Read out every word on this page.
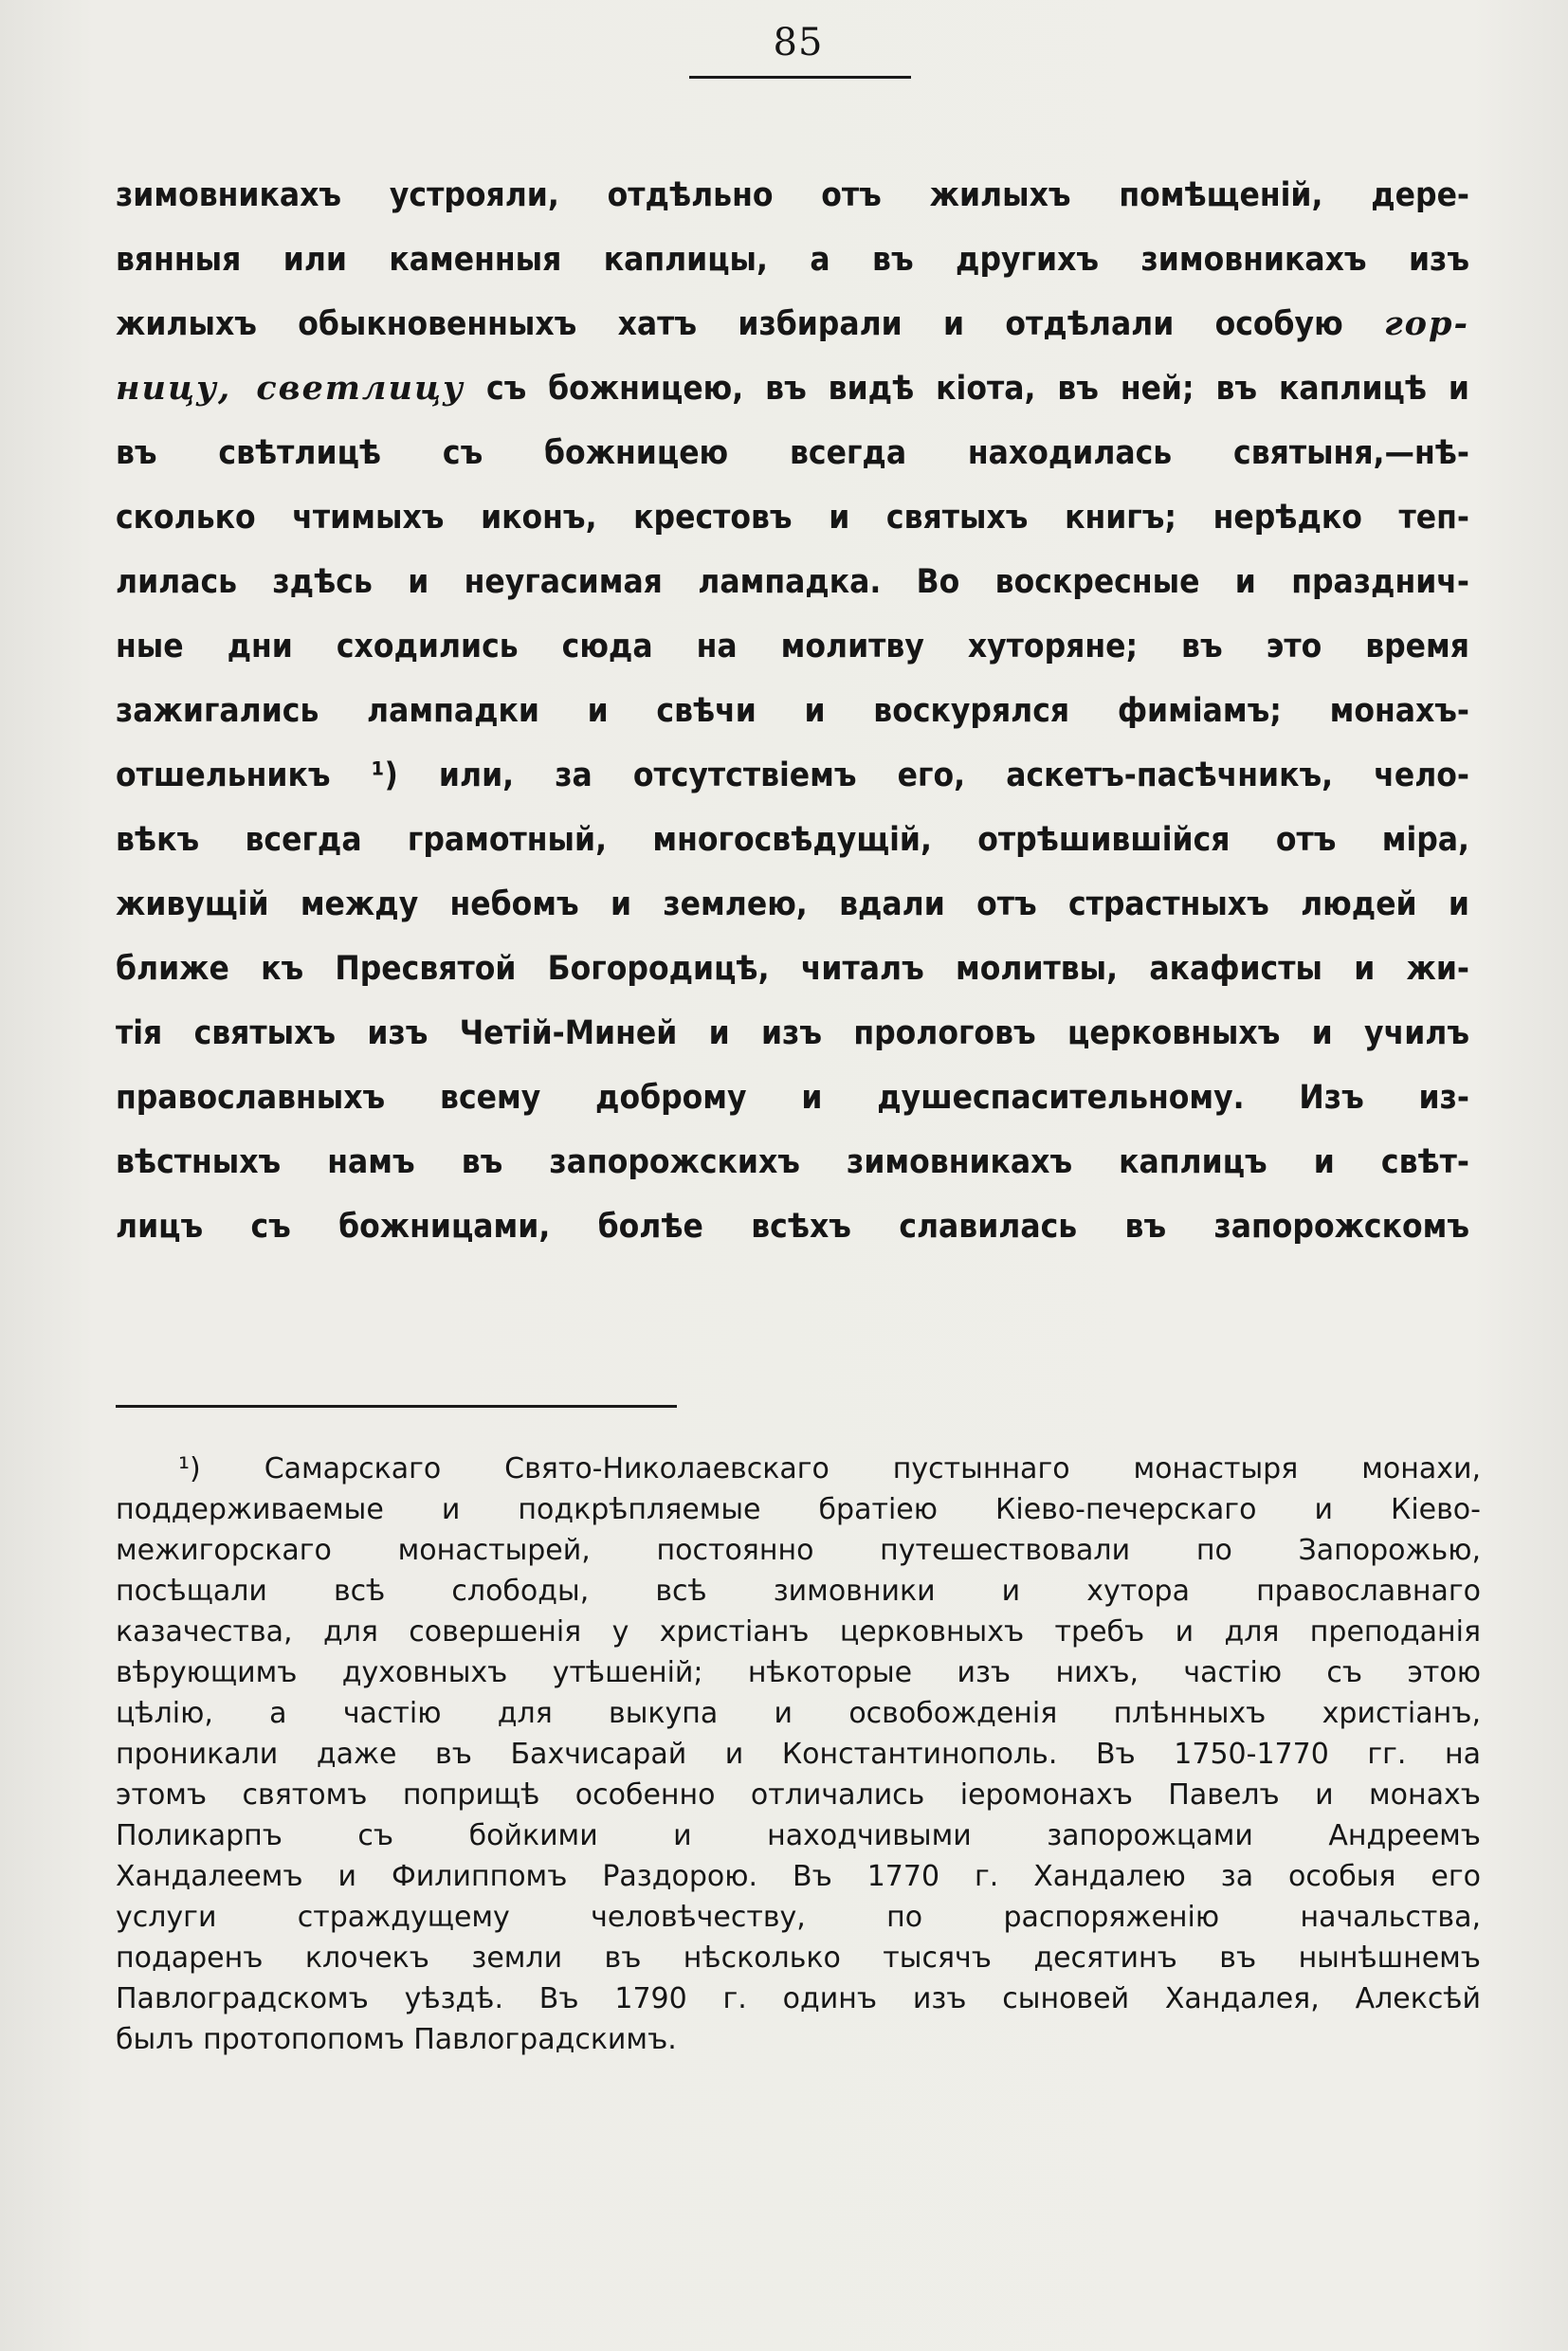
85
зимовникахъ устрояли, отдѣльно отъ жилыхъ помѣщеній, дере-
вянныя или каменныя каплицы, а въ другихъ зимовникахъ изъ
жилыхъ обыкновенныхъ хатъ избирали и отдѣлали особую гор-
ницу, светлицу съ божницею, въ видѣ кіота, въ ней; въ каплицѣ и
въ свѣтлицѣ съ божницею всегда находилась святыня,—нѣ-
сколько чтимыхъ иконъ, крестовъ и святыхъ книгъ; нерѣдко теп-
лилась здѣсь и неугасимая лампадка. Во воскресные и празднич-
ные дни сходились сюда на молитву хуторяне; въ это время
зажигались лампадки и свѣчи и воскурялся фиміамъ; монахъ-
отшельникъ ¹) или, за отсутствіемъ его, аскетъ-пасѣчникъ, чело-
вѣкъ всегда грамотный, многосвѣдущій, отрѣшившійся отъ міра,
живущій между небомъ и землею, вдали отъ страстныхъ людей и
ближе къ Пресвятой Богородицѣ, читалъ молитвы, акафисты и жи-
тія святыхъ изъ Четій-Миней и изъ прологовъ церковныхъ и училъ
православныхъ всему доброму и душеспасительному. Изъ из-
вѣстныхъ намъ въ запорожскихъ зимовникахъ каплицъ и свѣт-
лицъ съ божницами, болѣе всѣхъ славилась въ запорожскомъ
¹) Самарскаго Свято-Николаевскаго пустыннаго монастыря монахи,
поддерживаемые и подкрѣпляемые братіею Кіево-печерскаго и Кіево-
межигорскаго монастырей, постоянно путешествовали по Запорожью,
посѣщали всѣ слободы, всѣ зимовники и хутора православнаго
казачества, для совершенія у христіанъ церковныхъ требъ и для преподанія
вѣрующимъ духовныхъ утѣшеній; нѣкоторые изъ нихъ, частію съ этою
цѣлію, а частію для выкупа и освобожденія плѣнныхъ христіанъ,
проникали даже въ Бахчисарай и Константинополь. Въ 1750-1770 гг. на
этомъ святомъ поприщѣ особенно отличались іеромонахъ Павелъ и монахъ
Поликарпъ съ бойкими и находчивыми запорожцами Андреемъ
Хандалеемъ и Филиппомъ Раздорою. Въ 1770 г. Хандалею за особыя его
услуги страждущему человѣчеству, по распоряженію начальства,
подаренъ клочекъ земли въ нѣсколько тысячъ десятинъ въ нынѣшнемъ
Павлоградскомъ уѣздѣ. Въ 1790 г. одинъ изъ сыновей Хандалея, Алексѣй
былъ протопопомъ Павлоградскимъ.
